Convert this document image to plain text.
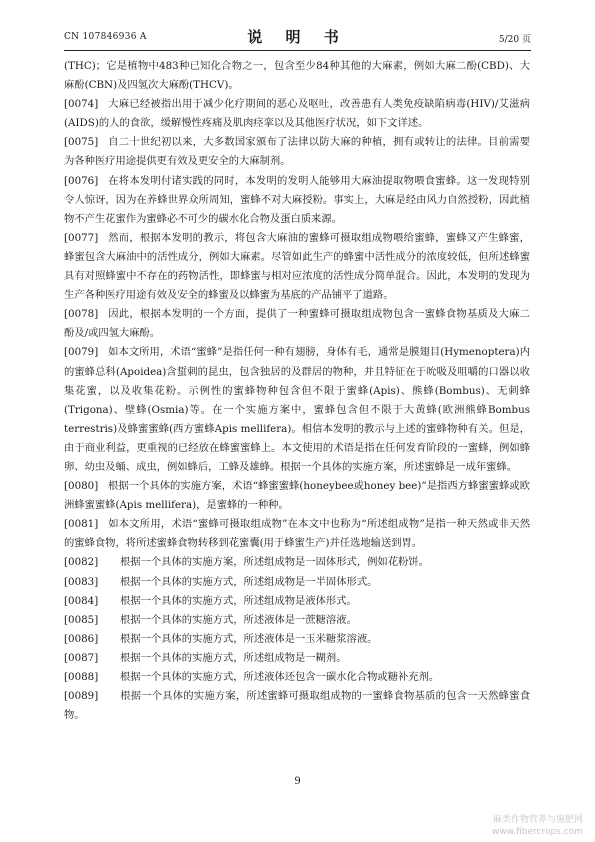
CN 107846936 A	说 明 书	5/20 页

(THC)；它是植物中483种已知化合物之一，包含至少84种其他的大麻素，例如大麻二酚(CBD)、大麻酚(CBN)及四氢次大麻酚(THCV)。

[0074] 大麻已经被指出用于减少化疗期间的恶心及呕吐，改善患有人类免疫缺陷病毒(HIV)/艾滋病(AIDS)的人的食欲，缓解慢性疼痛及肌肉痉挛以及其他医疗状况，如下文详述。

[0075] 自二十世纪初以来，大多数国家颁布了法律以防大麻的种植，拥有或转让的法律。目前需要为各种医疗用途提供更有效及更安全的大麻制剂。

[0076] 在将本发明付诸实践的同时，本发明的发明人能够用大麻油提取物喂食蜜蜂。这一发现特别令人惊讶，因为在养蜂世界众所周知，蜜蜂不对大麻授粉。事实上，大麻是经由风力自然授粉，因此植物不产生花蜜作为蜜蜂必不可少的碳水化合物及蛋白质来源。

[0077] 然而，根据本发明的教示，将包含大麻油的蜜蜂可摄取组成物喂给蜜蜂，蜜蜂又产生蜂蜜，蜂蜜包含大麻油中的活性成分，例如大麻素。尽管如此生产的蜂蜜中活性成分的浓度较低，但所述蜂蜜具有对照蜂蜜中不存在的药物活性，即蜂蜜与相对应浓度的活性成分简单混合。因此，本发明的发现为生产各种医疗用途有效及安全的蜂蜜及以蜂蜜为基底的产品铺平了道路。

[0078] 因此，根据本发明的一个方面，提供了一种蜜蜂可摄取组成物包含一蜜蜂食物基质及大麻二酚及/或四氢大麻酚。

[0079] 如本文所用，术语“蜜蜂”是指任何一种有翅膀，身体有毛，通常是膜翅目(Hymenoptera)内的蜜蜂总科(Apoidea)含蜇刺的昆虫，包含独居的及群居的物种，并且特征在于吮吸及咀嚼的口器以收集花蜜，以及收集花粉。示例性的蜜蜂物种包含但不限于蜜蜂(Apis)、熊蜂(Bombus)、无刺蜂(Trigona)、壁蜂(Osmia)等。在一个实施方案中，蜜蜂包含但不限于大黄蜂(欧洲熊蜂Bombus terrestris)及蜂蜜蜜蜂(西方蜜蜂Apis mellifera)。相信本发明的教示与上述的蜜蜂物种有关。但是，由于商业利益，更重视的已经放在蜂蜜蜜蜂上。本文使用的术语是指在任何发育阶段的一蜜蜂，例如蜂卵、幼虫及蛹、成虫，例如蜂后，工蜂及雄蜂。根据一个具体的实施方案，所述蜜蜂是一成年蜜蜂。

[0080] 根据一个具体的实施方案，术语“蜂蜜蜜蜂(honeybee或honey bee)”是指西方蜂蜜蜜蜂或欧洲蜂蜜蜜蜂(Apis mellifera)，是蜜蜂的一种种。

[0081] 如本文所用，术语“蜜蜂可摄取组成物”在本文中也称为“所述组成物”是指一种天然或非天然的蜜蜂食物，将所述蜜蜂食物转移到花蜜囊(用于蜂蜜生产)并任选地输送到胃。

[0082] 根据一个具体的实施方案，所述组成物是一固体形式，例如花粉饼。

[0083] 根据一个具体的实施方式，所述组成物是一半固体形式。

[0084] 根据一个具体的实施方式，所述组成物是液体形式。

[0085] 根据一个具体的实施方式，所述液体是一蔗糖溶液。

[0086] 根据一个具体的实施方式，所述液体是一玉米糖浆溶液。

[0087] 根据一个具体的实施方式，所述组成物是一糊剂。

[0088] 根据一个具体的实施方式，所述液体还包含一碳水化合物或糖补充剂。

[0089] 根据一个具体的实施方案，所述蜜蜂可摄取组成物的一蜜蜂食物基质的包含一天然蜂蜜食物。

9
麻类作物营养与施肥网
www.fibercrops.com
